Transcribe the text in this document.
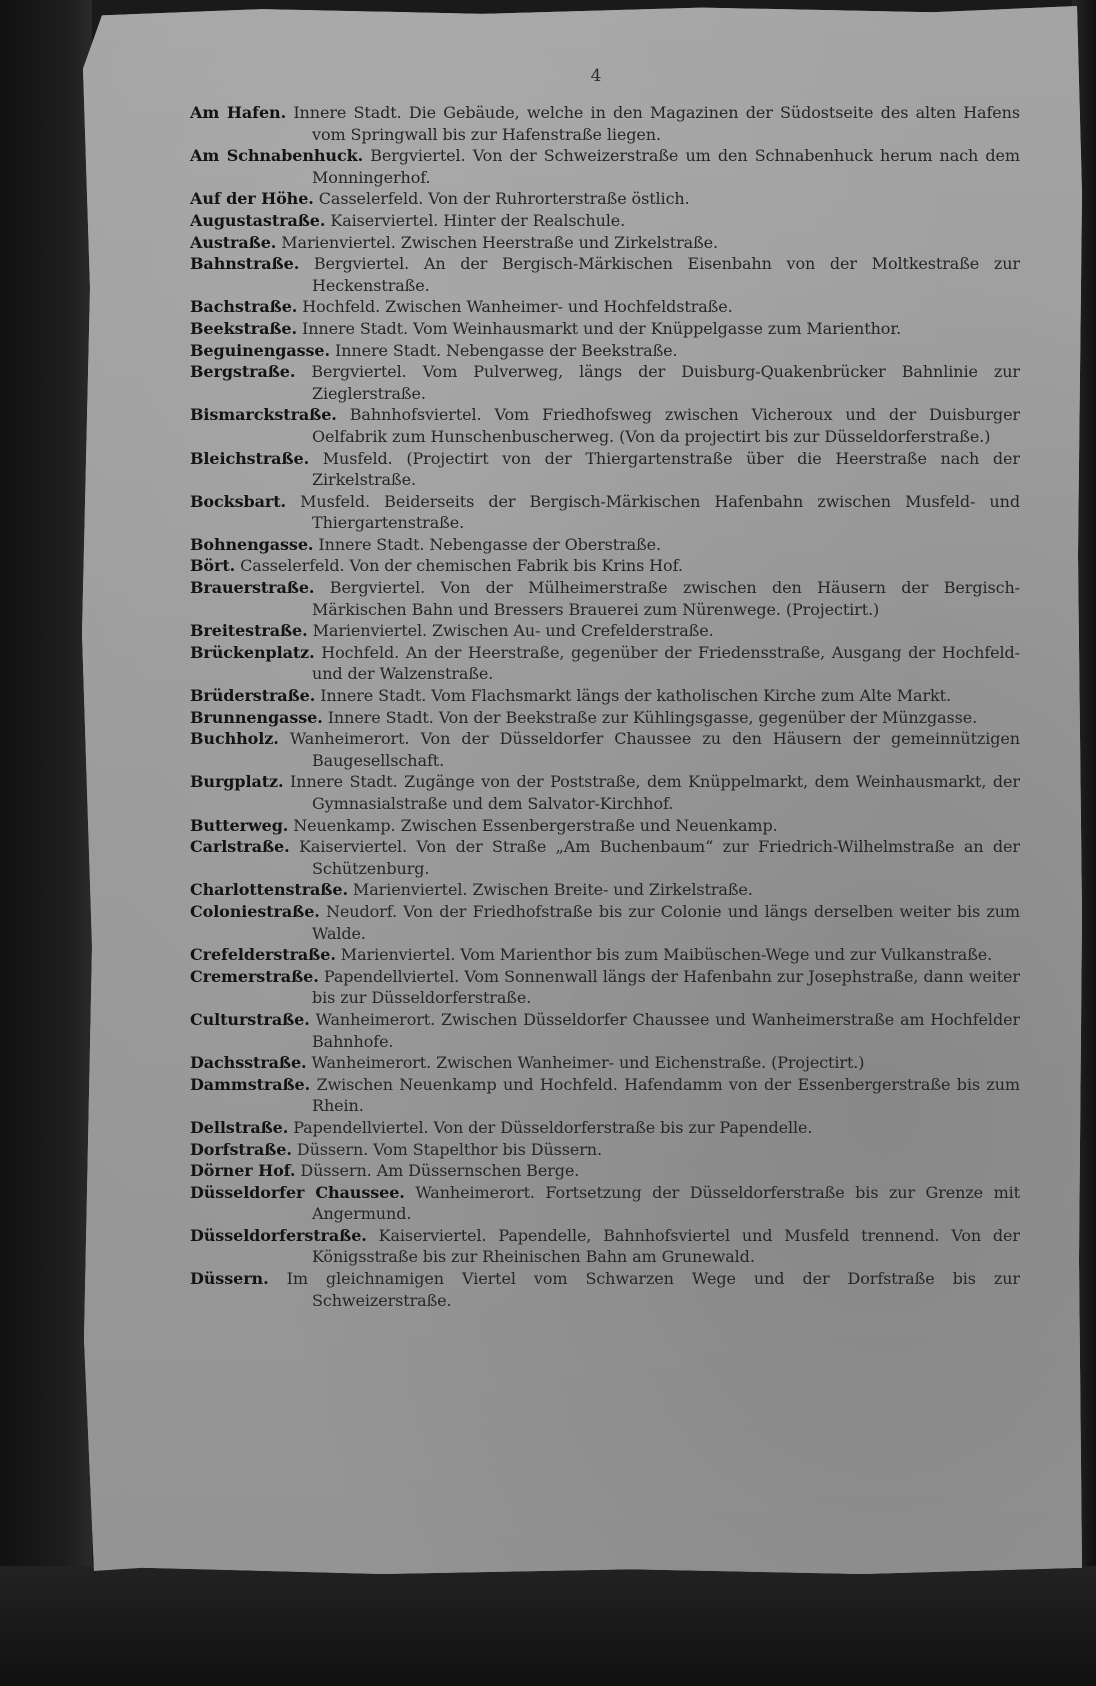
4

Am Hafen. Innere Stadt. Die Gebäude, welche in den Magazinen der Südostseite des alten Hafens vom Springwall bis zur Hafenstraße liegen.

Am Schnabenhuck. Bergviertel. Von der Schweizerstraße um den Schnabenhuck herum nach dem Monningerhof.

Auf der Höhe. Casselerfeld. Von der Ruhrorterstraße östlich.

Augustastraße. Kaiserviertel. Hinter der Realschule.

Austraße. Marienviertel. Zwischen Heerstraße und Zirkelstraße.

Bahnstraße. Bergviertel. An der Bergisch-Märkischen Eisenbahn von der Moltkestraße zur Heckenstraße.

Bachstraße. Hochfeld. Zwischen Wanheimer- und Hochfeldstraße.

Beekstraße. Innere Stadt. Vom Weinhausmarkt und der Knüppelgasse zum Marienthor.

Beguinengasse. Innere Stadt. Nebengasse der Beekstraße.

Bergstraße. Bergviertel. Vom Pulverweg, längs der Duisburg-Quakenbrücker Bahnlinie zur Zieglerstraße.

Bismarckstraße. Bahnhofsviertel. Vom Friedhofsweg zwischen Vicheroux und der Duisburger Oelfabrik zum Hunschenbuscherweg. (Von da projectirt bis zur Düsseldorferstraße.)

Bleichstraße. Musfeld. (Projectirt von der Thiergartenstraße über die Heerstraße nach der Zirkelstraße.

Bocksbart. Musfeld. Beiderseits der Bergisch-Märkischen Hafenbahn zwischen Musfeld- und Thiergartenstraße.

Bohnengasse. Innere Stadt. Nebengasse der Oberstraße.

Bört. Casselerfeld. Von der chemischen Fabrik bis Krins Hof.

Brauerstraße. Bergviertel. Von der Mülheimerstraße zwischen den Häusern der Bergisch-Märkischen Bahn und Bressers Brauerei zum Nürenwege. (Projectirt.)

Breitestraße. Marienviertel. Zwischen Au- und Crefelderstraße.

Brückenplatz. Hochfeld. An der Heerstraße, gegenüber der Friedensstraße, Ausgang der Hochfeld- und der Walzenstraße.

Brüderstraße. Innere Stadt. Vom Flachsmarkt längs der katholischen Kirche zum Alte Markt.

Brunnengasse. Innere Stadt. Von der Beekstraße zur Kühlingsgasse, gegenüber der Münzgasse.

Buchholz. Wanheimerort. Von der Düsseldorfer Chaussee zu den Häusern der gemeinnützigen Baugesellschaft.

Burgplatz. Innere Stadt. Zugänge von der Poststraße, dem Knüppelmarkt, dem Weinhausmarkt, der Gymnasialstraße und dem Salvator-Kirchhof.

Butterweg. Neuenkamp. Zwischen Essenbergerstraße und Neuenkamp.

Carlstraße. Kaiserviertel. Von der Straße „Am Buchenbaum“ zur Friedrich-Wilhelmstraße an der Schützenburg.

Charlottenstraße. Marienviertel. Zwischen Breite- und Zirkelstraße.

Coloniestraße. Neudorf. Von der Friedhofstraße bis zur Colonie und längs derselben weiter bis zum Walde.

Crefelderstraße. Marienviertel. Vom Marienthor bis zum Maibüschen-Wege und zur Vulkanstraße.

Cremerstraße. Papendellviertel. Vom Sonnenwall längs der Hafenbahn zur Josephstraße, dann weiter bis zur Düsseldorferstraße.

Culturstraße. Wanheimerort. Zwischen Düsseldorfer Chaussee und Wanheimerstraße am Hochfelder Bahnhofe.

Dachsstraße. Wanheimerort. Zwischen Wanheimer- und Eichenstraße. (Projectirt.)

Dammstraße. Zwischen Neuenkamp und Hochfeld. Hafendamm von der Essenbergerstraße bis zum Rhein.

Dellstraße. Papendellviertel. Von der Düsseldorferstraße bis zur Papendelle.

Dorfstraße. Düssern. Vom Stapelthor bis Düssern.

Dörner Hof. Düssern. Am Düssernschen Berge.

Düsseldorfer Chaussee. Wanheimerort. Fortsetzung der Düsseldorferstraße bis zur Grenze mit Angermund.

Düsseldorferstraße. Kaiserviertel. Papendelle, Bahnhofsviertel und Musfeld trennend. Von der Königsstraße bis zur Rheinischen Bahn am Grunewald.

Düssern. Im gleichnamigen Viertel vom Schwarzen Wege und der Dorfstraße bis zur Schweizerstraße.
